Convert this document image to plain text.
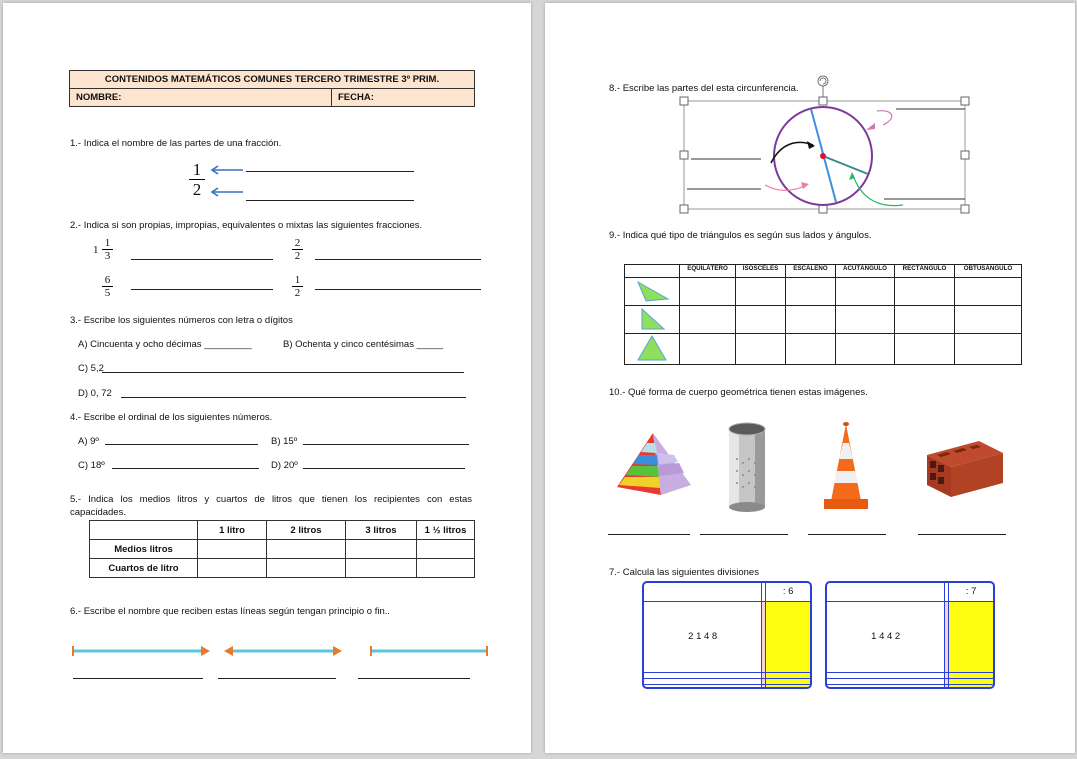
CONTENIDOS MATEMÁTICOS COMUNES TERCERO TRIMESTRE 3º PRIM.
NOMBRE:	FECHA:
1.- Indica el nombre de las partes de una fracción.
$\frac{1}{2}$
2.- Indica si son propias, impropias, equivalentes o mixtas las siguientes fracciones.
$1 \frac{1}{3}$	$\frac{2}{2}$
$\frac{6}{5}$	$\frac{1}{2}$
3.- Escribe los siguientes números con letra o dígitos
A) Cincuenta y ocho décimas _________	B) Ochenta y cinco centésimas _____
C) 5,2
D) 0, 72
4.- Escribe el ordinal de los siguientes números.
A) 9º	B) 15º
C) 18º	D) 20º
5.- Indica los medios litros y cuartos de litros que tienen los recipientes con estas
capacidades.
	1 litro	2 litros	3 litros	1 ½ litros
Medios litros				
Cuartos de litro				
6.- Escribe el nombre que reciben estas líneas según tengan principio o fin..
8.- Escribe las partes del esta circunferencia.
9.- Indica qué tipo de triángulos es según sus lados y ángulos.
	EQUILÁTERO	ISOSCELES	ESCALENO	ACUTÁNGULO	RECTÁNGULO	OBTUSÁNGULO

10.- Qué forma de cuerpo geométrica tienen estas imágenes.
7.- Calcula las siguientes divisiones
		: 6
2 1 4 8		

		: 7
1 4 4 2		
